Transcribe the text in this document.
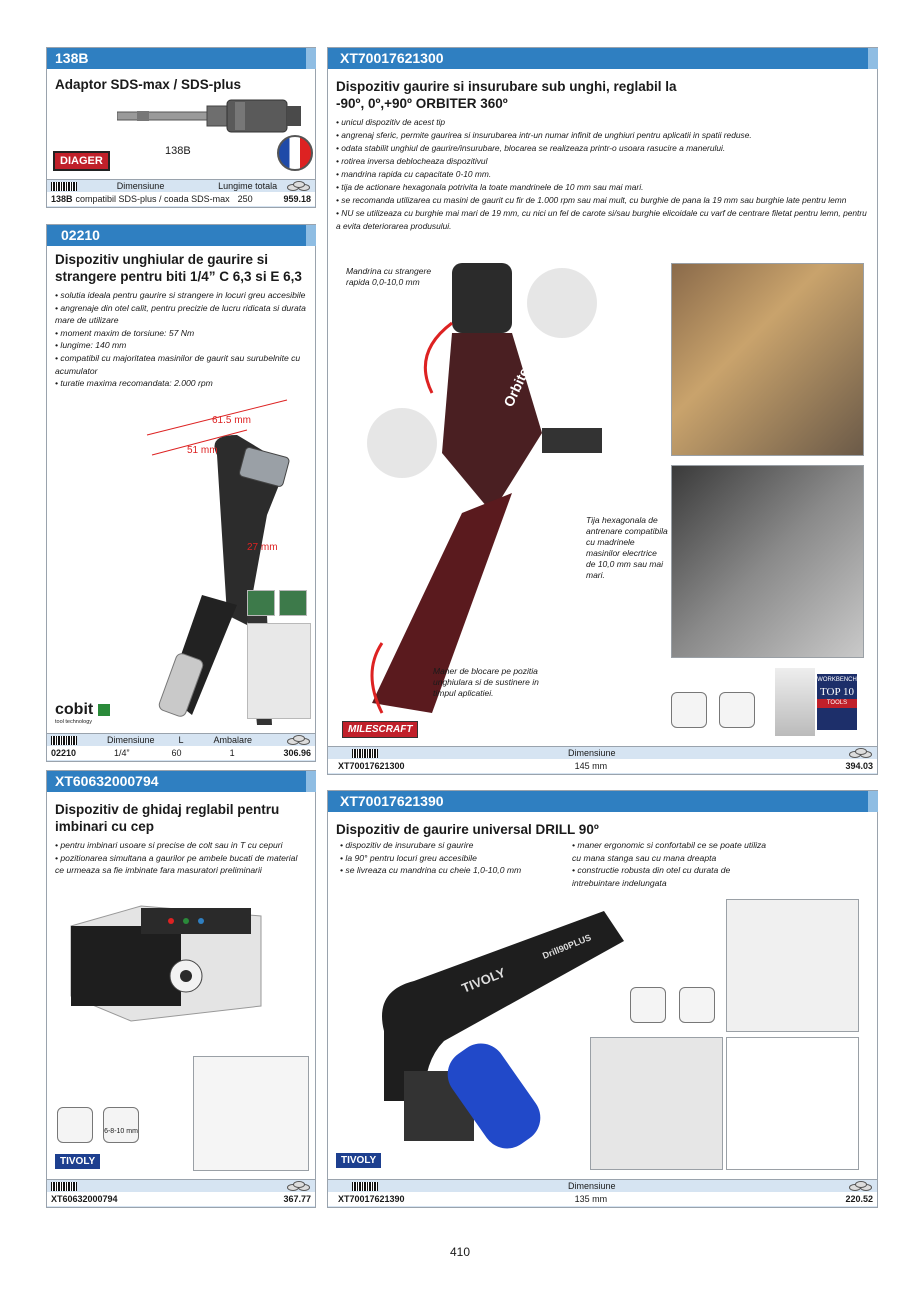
138B
Adaptor SDS-max / SDS-plus
138B
DIAGER
Dimensiune	Lungime totala
138B compatibil SDS-plus / coada SDS-max 250	959.18
02210
Dispozitiv unghiular de gaurire si strangere pentru biti 1/4” C 6,3 si E 6,3
• solutia ideala pentru gaurire si strangere in locuri greu accesibile
• angrenaje din otel calit, pentru precizie de lucru ridicata si durata mare de utilizare
• moment maxim de torsiune: 57 Nm
• lungime: 140 mm
• compatibil cu majoritatea masinilor de gaurit sau surubelnite cu acumulator
• turatie maxima recomandata: 2.000 rpm
61.5 mm
51 mm
27 mm
cobit
tool technology
Dimensiune	L	Ambalare
02210	1/4”	60	1	306.96
XT60632000794
Dispozitiv de ghidaj reglabil pentru imbinari cu cep
• pentru imbinari usoare si precise de colt sau in T cu cepuri
• pozitionarea simultana a gaurilor pe ambele bucati de material ce urmeaza sa fie imbinate fara masuratori preliminarii
6-8-10 mm
TIVOLY
XT60632000794	367.77
XT70017621300
Dispozitiv gaurire si insurubare sub unghi, reglabil la -90º, 0º,+90º ORBITER 360º
• unicul dispozitiv de acest tip
• angrenaj sferic, permite gaurirea si insurubarea intr-un numar infinit de unghiuri pentru aplicatii in spatii reduse.
• odata stabilit unghiul de gaurire/insurubare, blocarea se realizeaza printr-o usoara rasucire a manerului.
• rotirea inversa deblocheaza dispozitivul
• mandrina rapida cu capacitate 0-10 mm.
• tija de actionare hexagonala potrivita la toate mandrinele de 10 mm sau mai mari.
• se recomanda utilizarea cu masini de gaurit cu fir de 1.000 rpm sau mai mult, cu burghie de pana la 19 mm sau burghie late pentru lemn
• NU se utilizeaza cu burghie mai mari de 19 mm, cu nici un fel de carote si/sau burghie elicoidale cu varf de centrare filetat pentru lemn, pentru a evita deteriorarea produsului.
Orbiter
Mandrina cu strangere rapida 0,0-10,0 mm
Tija hexagonala de antrenare compatibila cu madrinele masinilor elecrtrice de 10,0 mm sau mai mari.
Maner de blocare pe pozitia unghiulara si de sustinere in timpul aplicatiei.
MILESCRAFT
WORKBENCH
TOP 10
TOOLS
Dimensiune
XT70017621300	145 mm	394.03
XT70017621390
Dispozitiv de gaurire universal DRILL 90º
• dispozitiv de insurubare si gaurire
• la 90° pentru locuri greu accesibile
• se livreaza cu mandrina cu cheie 1,0-10,0 mm
• maner ergonomic si confortabil ce se poate utiliza cu mana stanga sau cu mana dreapta
• constructie robusta din otel cu durata de intrebuintare indelungata
TIVOLY
Drill90PLUS
TIVOLY
Dimensiune
XT70017621390	135 mm	220.52
410
